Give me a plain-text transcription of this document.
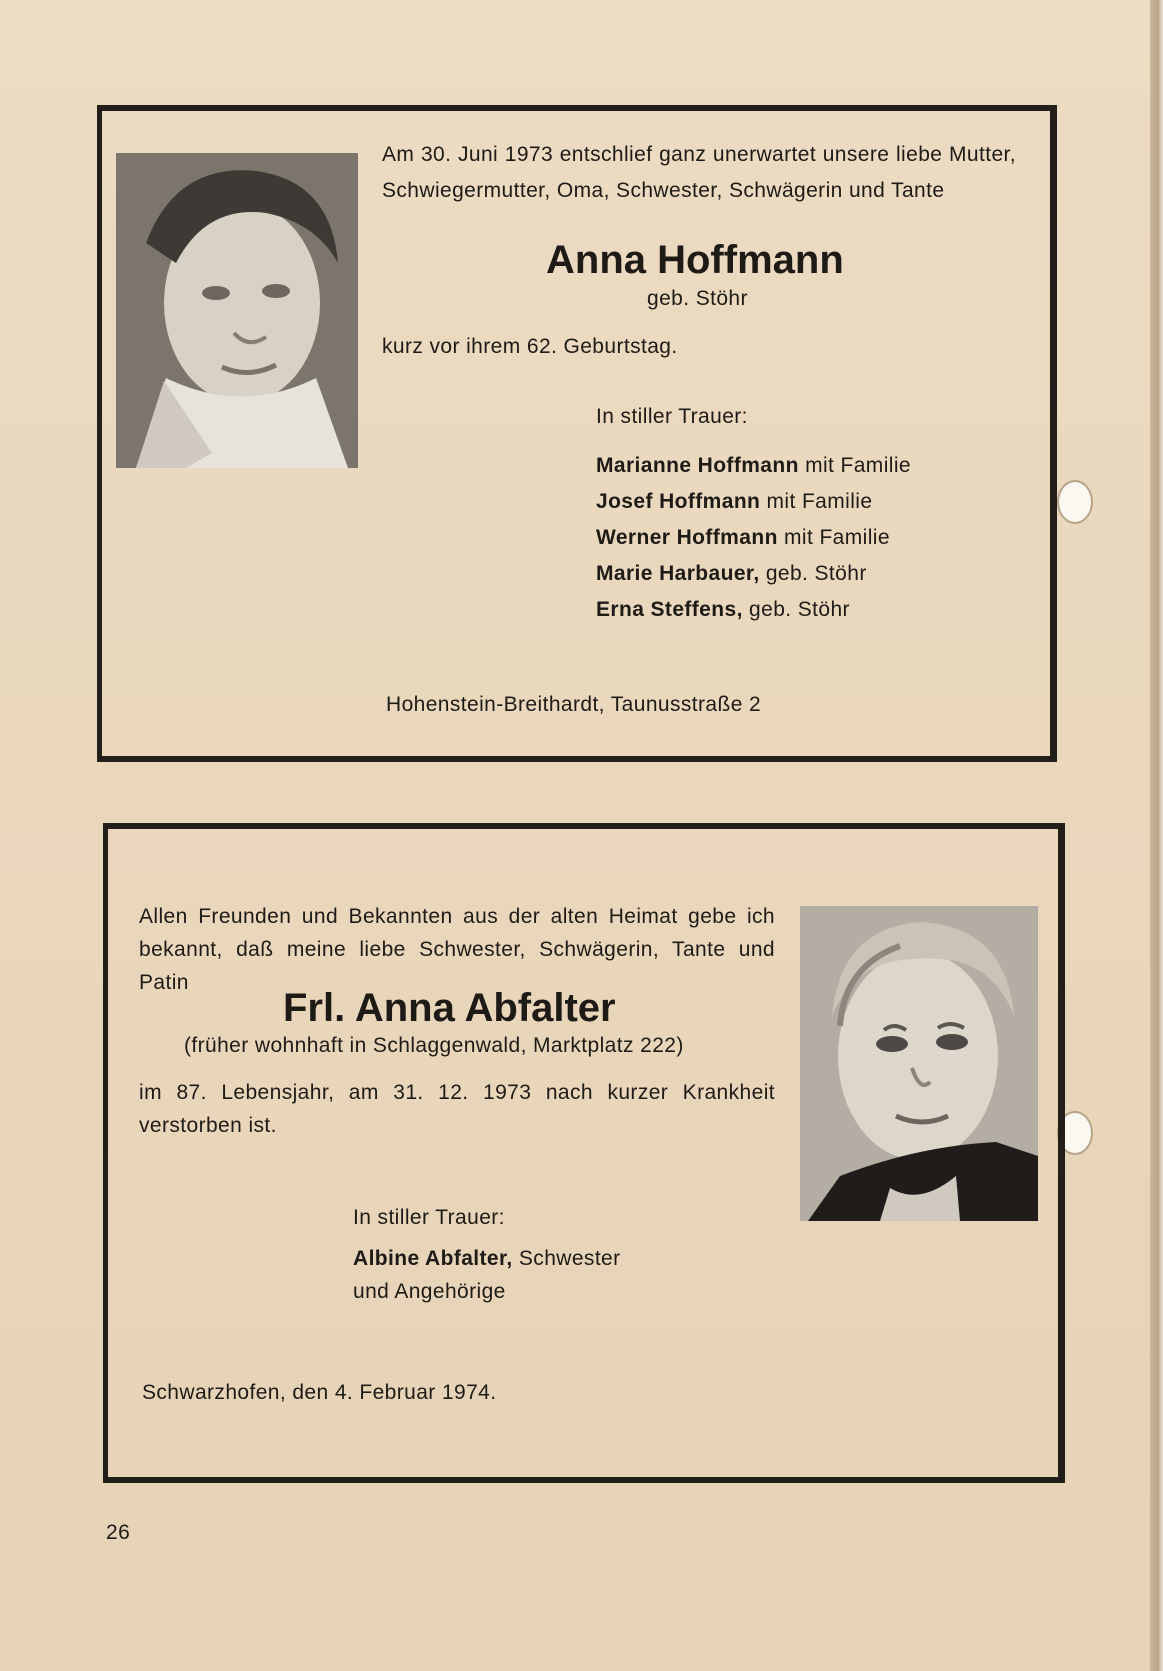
Am 30. Juni 1973 entschlief ganz unerwartet unsere liebe Mutter, Schwiegermutter, Oma, Schwester, Schwägerin und Tante

Anna Hoffmann
geb. Stöhr
kurz vor ihrem 62. Geburtstag.
In stiller Trauer:
Marianne Hoffmann mit Familie
Josef Hoffmann mit Familie
Werner Hoffmann mit Familie
Marie Harbauer, geb. Stöhr
Erna Steffens, geb. Stöhr
Hohenstein-Breithardt, Taunusstraße 2

Allen Freunden und Bekannten aus der alten Heimat gebe ich bekannt, daß meine liebe Schwester, Schwägerin, Tante und Patin

Frl. Anna Abfalter
(früher wohnhaft in Schlaggenwald, Marktplatz 222)

im 87. Lebensjahr, am 31. 12. 1973 nach kurzer Krankheit verstorben ist.

In stiller Trauer:
Albine Abfalter, Schwester
und Angehörige
Schwarzhofen, den 4. Februar 1974.
26
